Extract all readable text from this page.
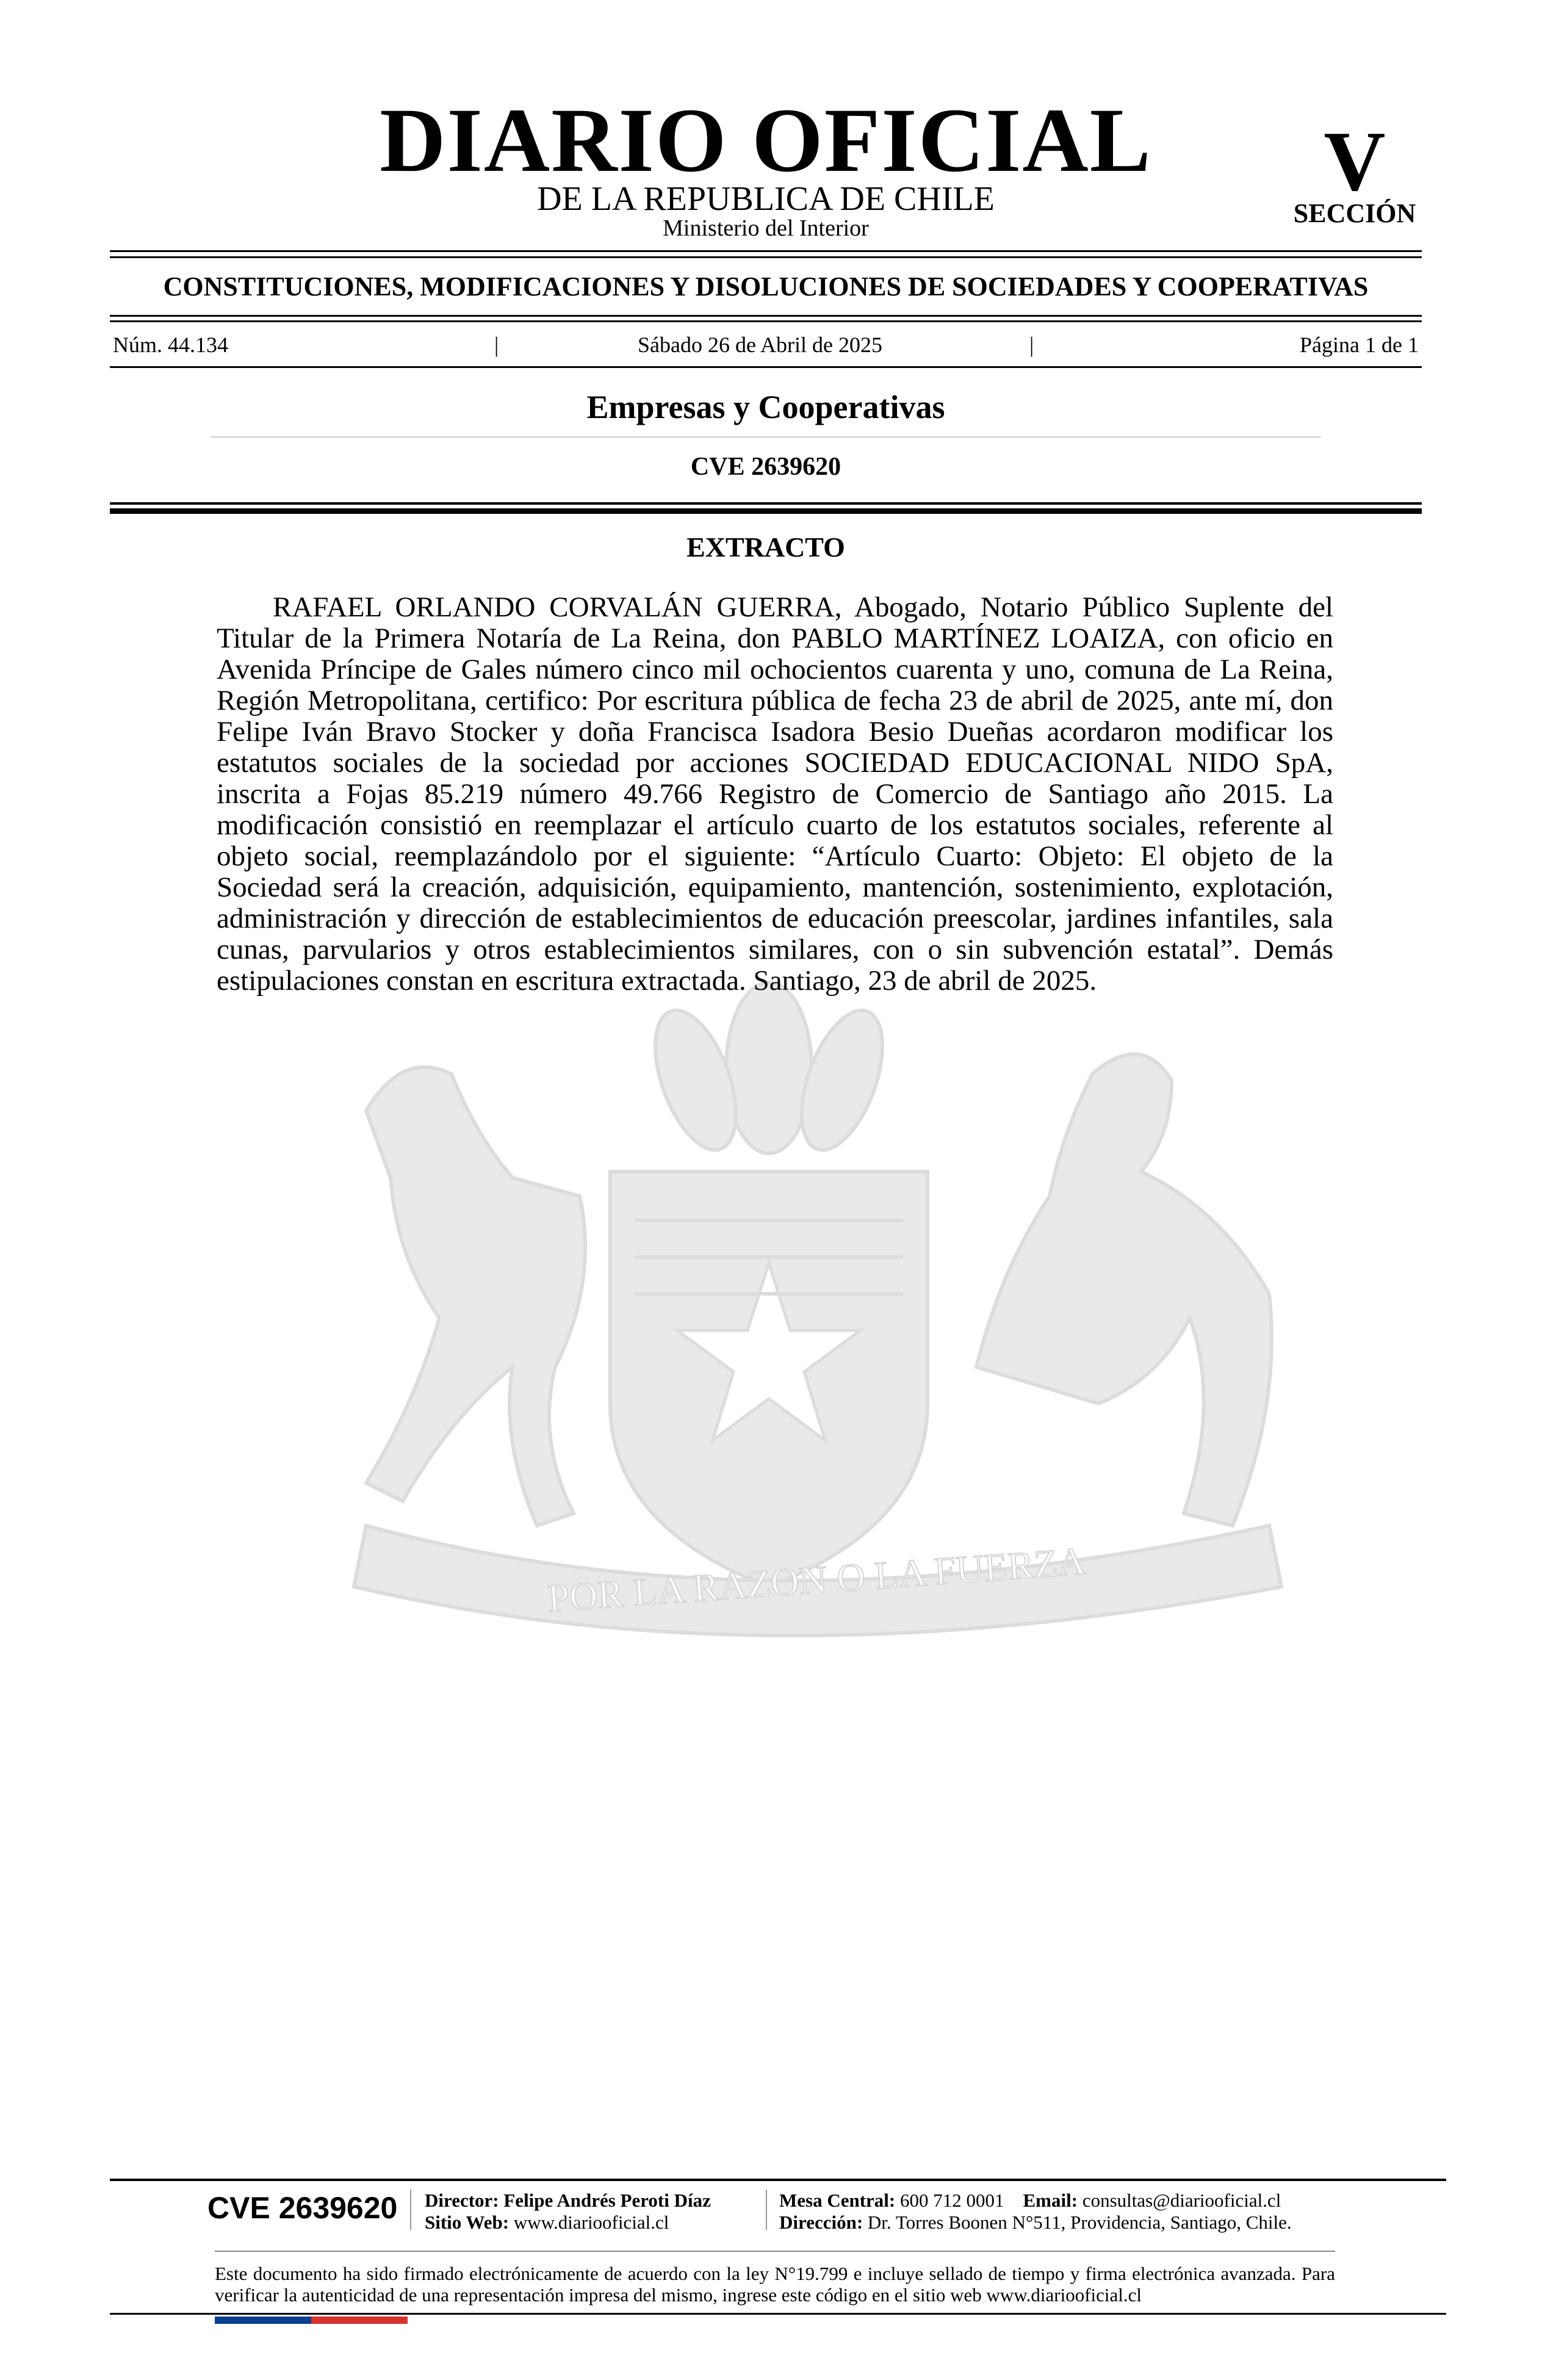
DIARIO OFICIAL
DE LA REPUBLICA DE CHILE
Ministerio del Interior
V
SECCIÓN
CONSTITUCIONES, MODIFICACIONES Y DISOLUCIONES DE SOCIEDADES Y COOPERATIVAS
Núm. 44.134	|	Sábado 26 de Abril de 2025	|	Página 1 de 1
Empresas y Cooperativas
CVE 2639620
POR LA RAZON O LA FUERZA
EXTRACTO

RAFAEL ORLANDO CORVALÁN GUERRA, Abogado, Notario Público Suplente del Titular de la Primera Notaría de La Reina, don PABLO MARTÍNEZ LOAIZA, con oficio en Avenida Príncipe de Gales número cinco mil ochocientos cuarenta y uno, comuna de La Reina, Región Metropolitana, certifico: Por escritura pública de fecha 23 de abril de 2025, ante mí, don Felipe Iván Bravo Stocker y doña Francisca Isadora Besio Dueñas acordaron modificar los estatutos sociales de la sociedad por acciones SOCIEDAD EDUCACIONAL NIDO SpA, inscrita a Fojas 85.219 número 49.766 Registro de Comercio de Santiago año 2015. La modificación consistió en reemplazar el artículo cuarto de los estatutos sociales, referente al objeto social, reemplazándolo por el siguiente: “Artículo Cuarto: Objeto: El objeto de la Sociedad será la creación, adquisición, equipamiento, mantención, sostenimiento, explotación, administración y dirección de establecimientos de educación preescolar, jardines infantiles, sala cunas, parvularios y otros establecimientos similares, con o sin subvención estatal”. Demás estipulaciones constan en escritura extractada. Santiago, 23 de abril de 2025.

CVE 2639620 Director: Felipe Andrés Peroti Díaz
Sitio Web: www.diariooficial.cl
Mesa Central: 600 712 0001 Email: consultas@diariooficial.cl
Dirección: Dr. Torres Boonen N°511, Providencia, Santiago, Chile.

Este documento ha sido firmado electrónicamente de acuerdo con la ley N°19.799 e incluye sellado de tiempo y firma electrónica avanzada. Para verificar la autenticidad de una representación impresa del mismo, ingrese este código en el sitio web www.diariooficial.cl
